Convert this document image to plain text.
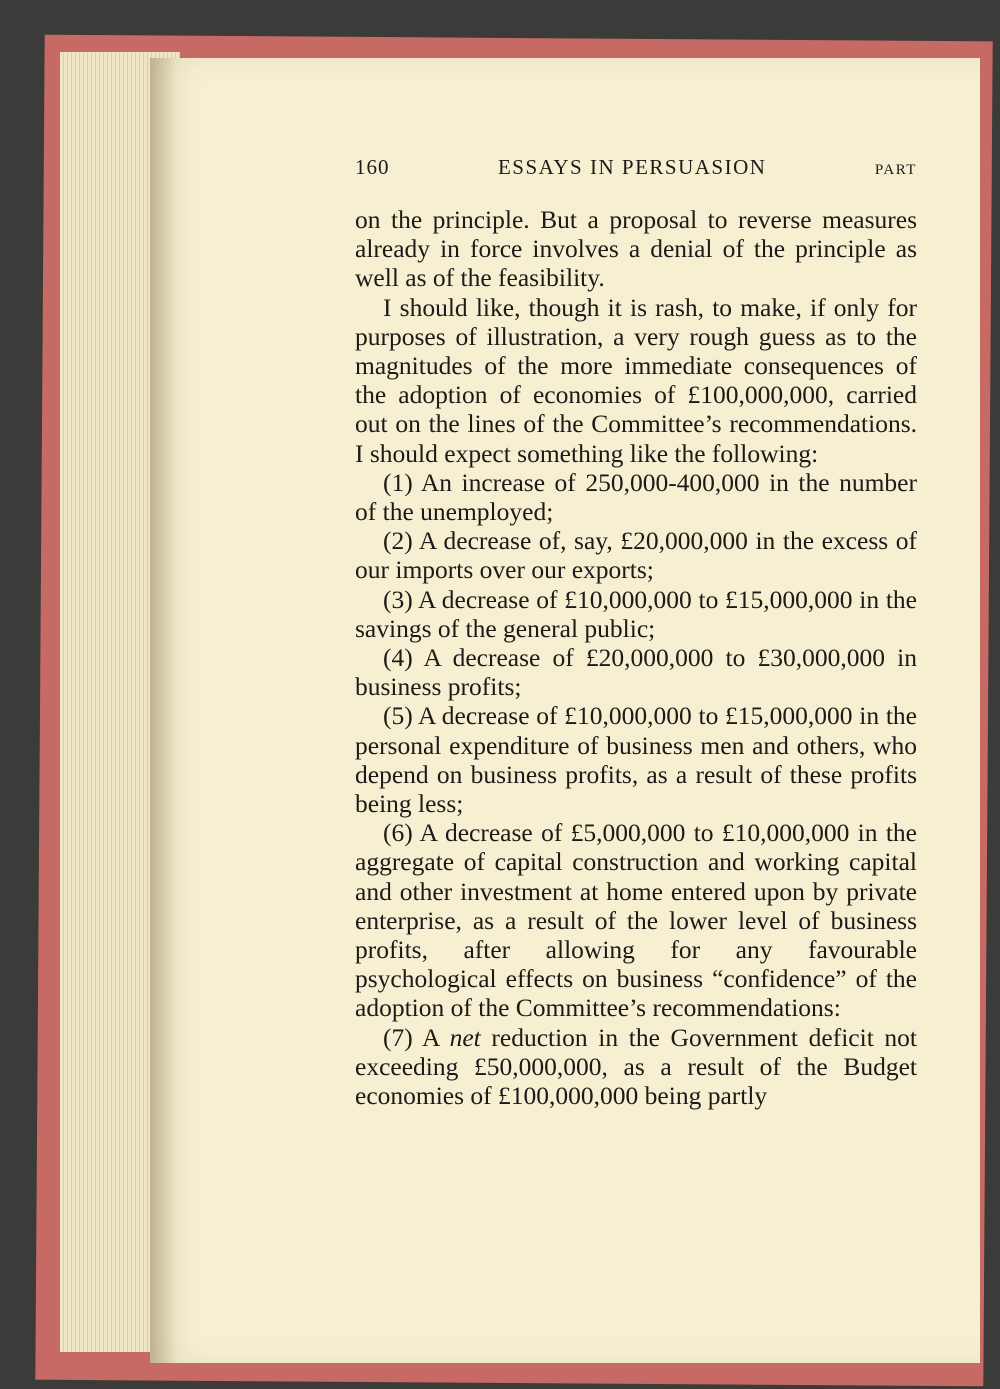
160	ESSAYS IN PERSUASION	PART

on the principle. But a proposal to reverse measures already in force involves a denial of the principle as well as of the feasibility.

I should like, though it is rash, to make, if only for purposes of illustration, a very rough guess as to the magnitudes of the more immediate consequences of the adoption of economies of £100,000,000, carried out on the lines of the Committee’s recommendations. I should expect something like the following:

(1) An increase of 250,000-400,000 in the number of the unemployed;

(2) A decrease of, say, £20,000,000 in the excess of our imports over our exports;

(3) A decrease of £10,000,000 to £15,000,000 in the savings of the general public;

(4) A decrease of £20,000,000 to £30,000,000 in business profits;

(5) A decrease of £10,000,000 to £15,000,000 in the personal expenditure of business men and others, who depend on business profits, as a result of these profits being less;

(6) A decrease of £5,000,000 to £10,000,000 in the aggregate of capital construction and working capital and other investment at home entered upon by private enterprise, as a result of the lower level of business profits, after allowing for any favourable psychological effects on business “confidence” of the adoption of the Committee’s recommendations:

(7) A net reduction in the Government deficit not exceeding £50,000,000, as a result of the Budget economies of £100,000,000 being partly
